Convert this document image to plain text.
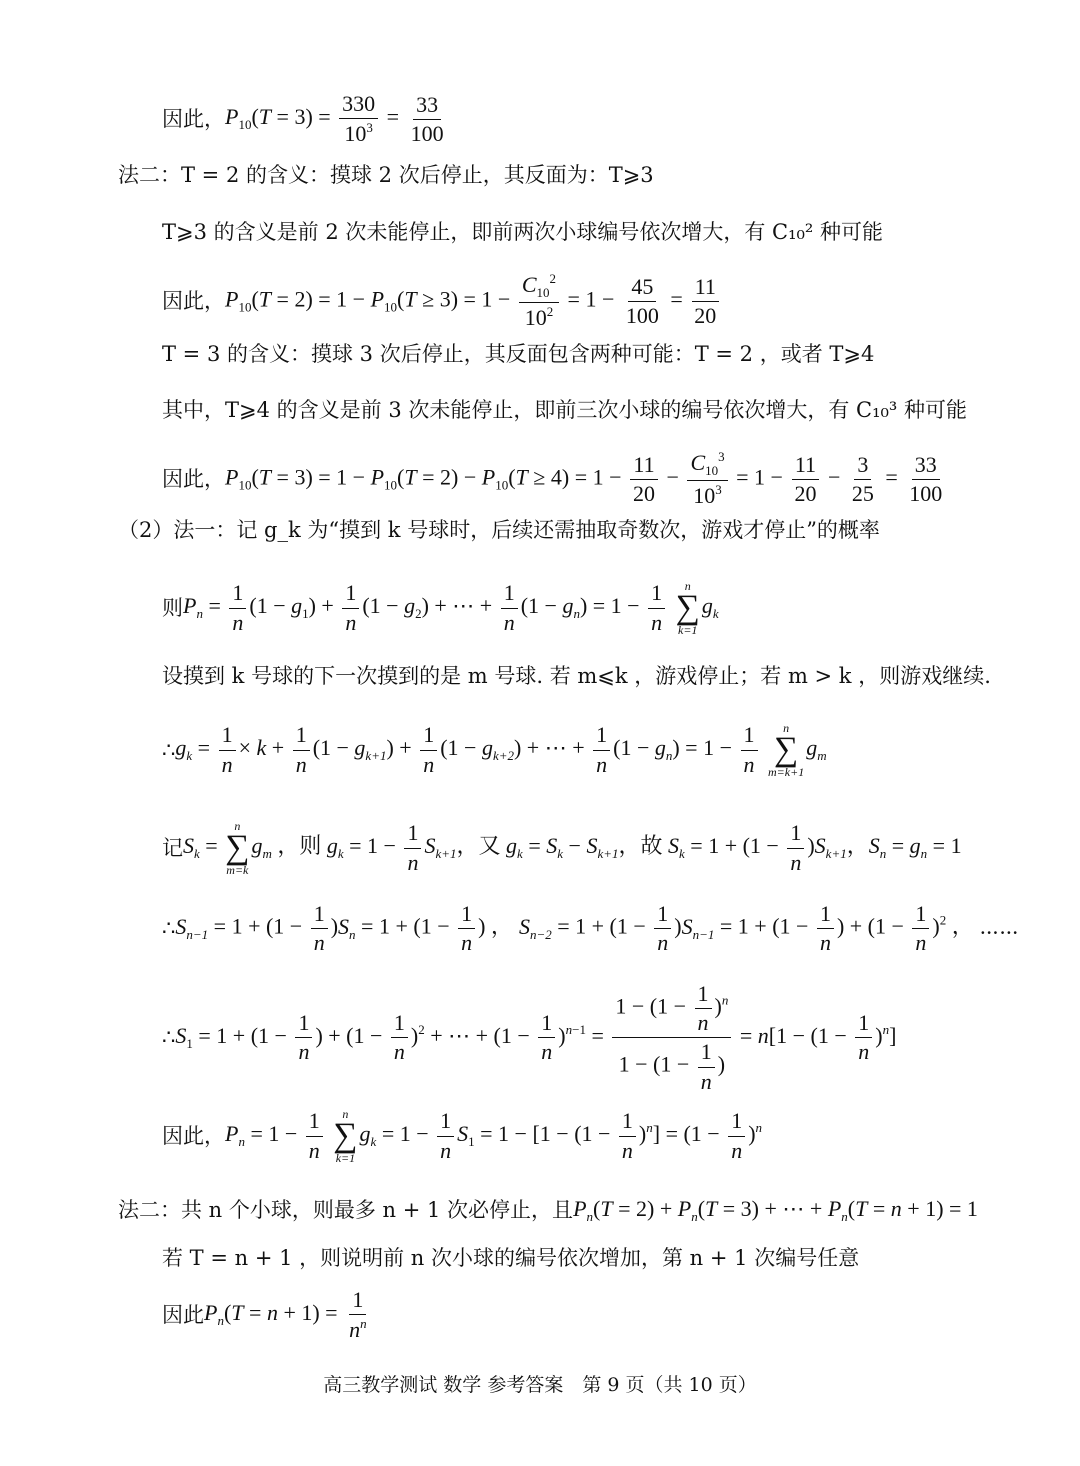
因此， $P_{10}(T = 3) = \frac{330}{10^3} = \frac{33}{100}$
法二：T = 2 的含义：摸球 2 次后停止，其反面为：T⩾3
T⩾3 的含义是前 2 次未能停止，即前两次小球编号依次增大，有 C₁₀² 种可能
因此， $P_{10}(T = 2) = 1 - P_{10}(T \ge 3) = 1 - \frac{C_{10}^2}{10^2} = 1 - \frac{45}{100} = \frac{11}{20}$
T = 3 的含义：摸球 3 次后停止，其反面包含两种可能：T = 2 ，或者 T⩾4
其中，T⩾4 的含义是前 3 次未能停止，即前三次小球的编号依次增大，有 C₁₀³ 种可能
因此， $P_{10}(T = 3) = 1 - P_{10}(T = 2) - P_{10}(T \ge 4) = 1 - \frac{11}{20} - \frac{C_{10}^3}{10^3} = 1 - \frac{11}{20} - \frac{3}{25} = \frac{33}{100}$
（2）法一：记 g_k 为“摸到 k 号球时，后续还需抽取奇数次，游戏才停止”的概率
则 $P_n = \frac{1}{n} (1 - g_1) + \frac{1}{n} (1 - g_2)$ + ⋯ + $\frac{1}{n} (1 - g_n) = 1 - \frac{1}{n}$
n
∑
k=1
$g_k$
设摸到 k 号球的下一次摸到的是 m 号球. 若 m⩽k ，游戏停止；若 m > k ，则游戏继续.
∴ $g_k = \frac{1}{n} \times k + \frac{1}{n} (1 - g_{k+1}) + \frac{1}{n} (1 - g_{k+2})$ + ⋯ + $\frac{1}{n} (1 - g_n) = 1 - \frac{1}{n}$
n
∑
m=k+1
$g_m$
记 $S_k$ =
n
∑
m=k
$g_m$ ，则 $g_k = 1 - \frac{1}{n} S_{k+1}$，又 $g_k = S_k - S_{k+1}$，故 $S_k = 1 + (1 - \frac{1}{n} )S_{k+1}$，$S_n = g_n = 1$
∴ $S_{n-1} = 1 + (1 - \frac{1}{n} )S_n = 1 + (1 - \frac{1}{n}$ ) ， $S_{n-2} = 1 + (1 - \frac{1}{n} )S_{n-1} = 1 + (1 - \frac{1}{n}$ ) + $(1 - \frac{1}{n} )^2$ ， ⋯⋯
∴ $S_1 = 1 + (1 - \frac{1}{n}$ ) + $(1 - \frac{1}{n} )^2$ + ⋯ + $(1 - \frac{1}{n} )^{n-1} = \frac{1 - (1 - \frac{1}{n} )^n}{1 - (1 - \frac{1}{n} )} = n[1 - (1 - \frac{1}{n} )^n]$
因此， $P_n = 1 - \frac{1}{n}$
n
∑
k=1
$g_k = 1 - \frac{1}{n} S_1 = 1 - [1 - (1 - \frac{1}{n} )^n] = (1 - \frac{1}{n} )^n$
法二：共 n 个小球，则最多 n + 1 次必停止，且 $P_n(T = 2) + P_n(T = 3)$ + ⋯ + $P_n(T = n + 1) = 1$
若 T = n + 1 ，则说明前 n 次小球的编号依次增加，第 n + 1 次编号任意
因此 $P_n(T = n + 1) = \frac{1}{n^n}$
高三教学测试 数学 参考答案　第 9 页（共 10 页）
